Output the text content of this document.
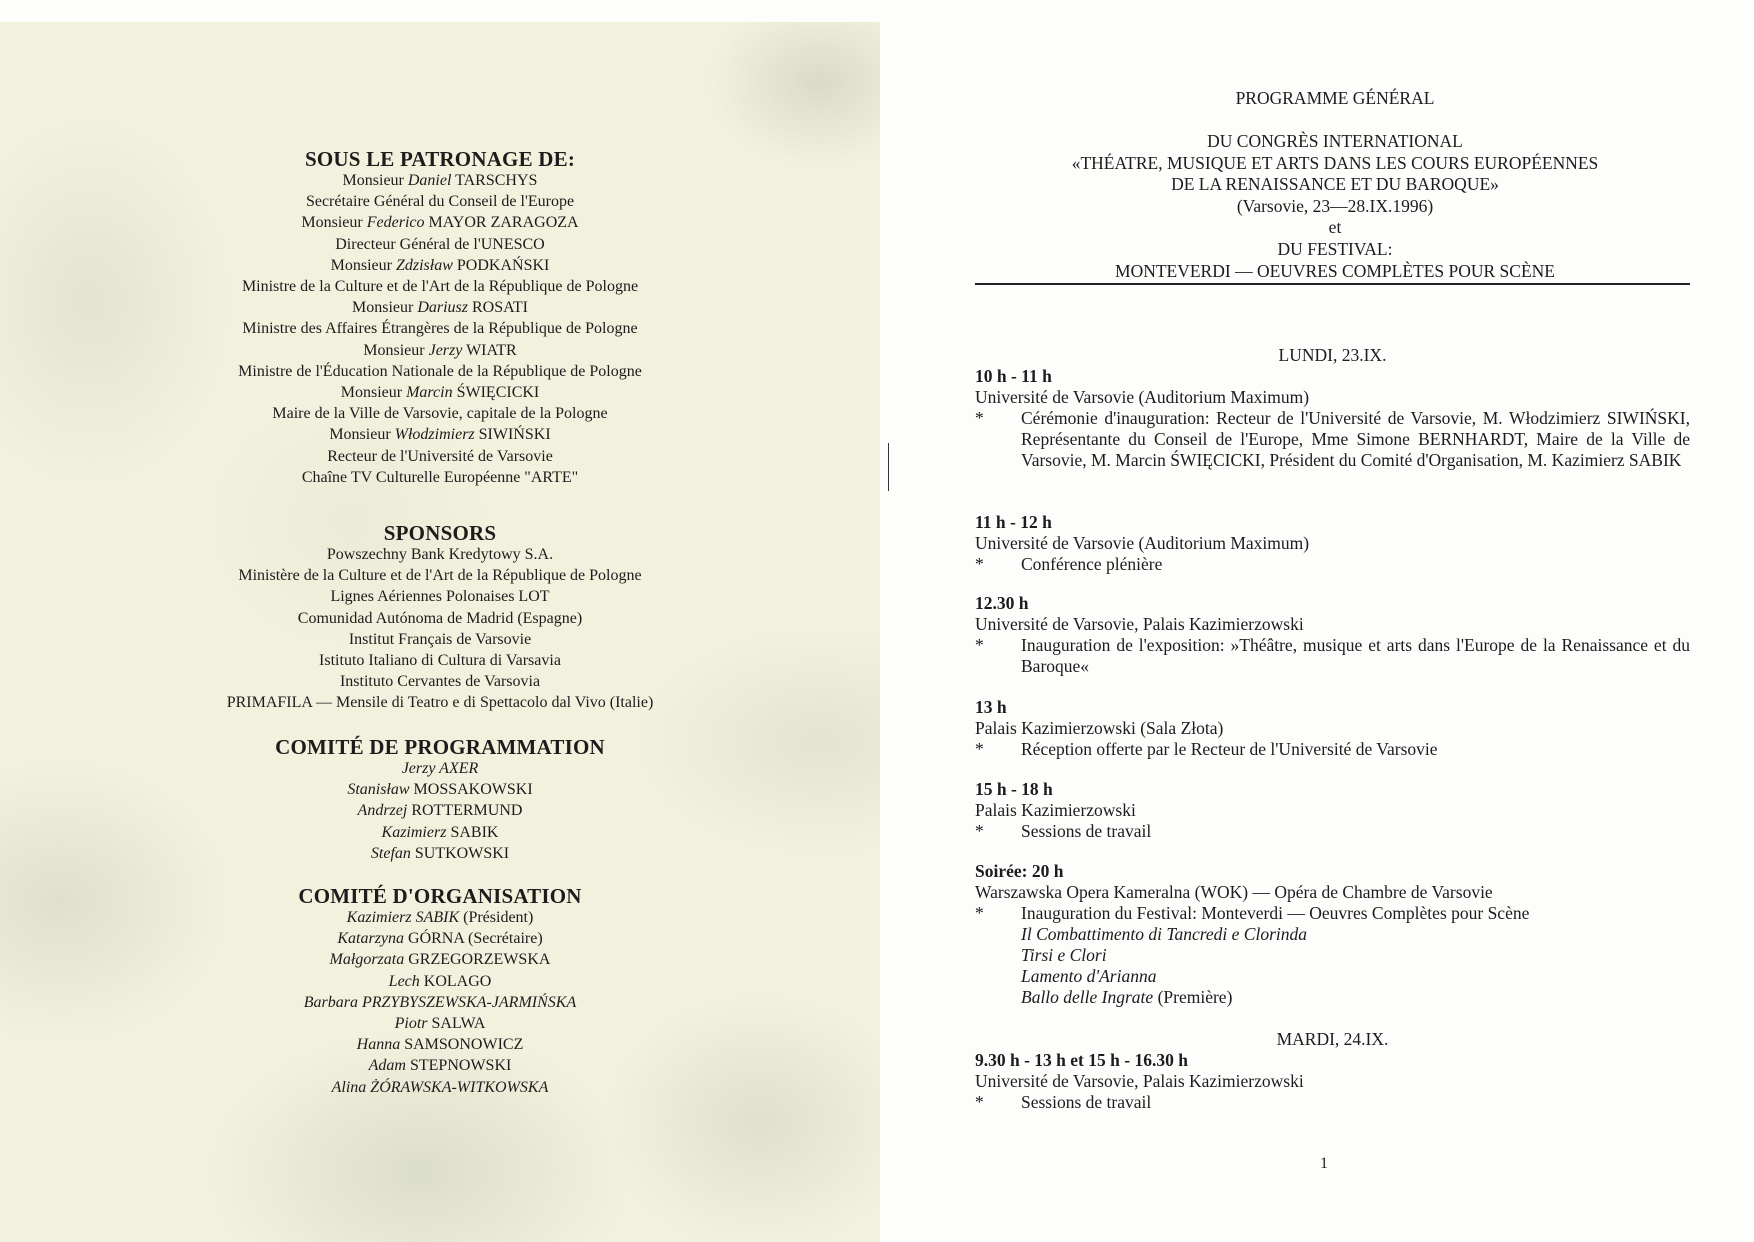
SOUS LE PATRONAGE DE:

Monsieur Daniel TARSCHYS

Secrétaire Général du Conseil de l'Europe

Monsieur Federico MAYOR ZARAGOZA

Directeur Général de l'UNESCO

Monsieur Zdzisław PODKAŃSKI

Ministre de la Culture et de l'Art de la République de Pologne

Monsieur Dariusz ROSATI

Ministre des Affaires Étrangères de la République de Pologne

Monsieur Jerzy WIATR

Ministre de l'Éducation Nationale de la République de Pologne

Monsieur Marcin ŚWIĘCICKI

Maire de la Ville de Varsovie, capitale de la Pologne

Monsieur Włodzimierz SIWIŃSKI

Recteur de l'Université de Varsovie

Chaîne TV Culturelle Européenne "ARTE"

SPONSORS

Powszechny Bank Kredytowy S.A.

Ministère de la Culture et de l'Art de la République de Pologne

Lignes Aériennes Polonaises LOT

Comunidad Autónoma de Madrid (Espagne)

Institut Français de Varsovie

Istituto Italiano di Cultura di Varsavia

Instituto Cervantes de Varsovia

PRIMAFILA — Mensile di Teatro e di Spettacolo dal Vivo (Italie)

COMITÉ DE PROGRAMMATION

Jerzy AXER

Stanisław MOSSAKOWSKI

Andrzej ROTTERMUND

Kazimierz SABIK

Stefan SUTKOWSKI

COMITÉ D'ORGANISATION

Kazimierz SABIK (Président)

Katarzyna GÓRNA (Secrétaire)

Małgorzata GRZEGORZEWSKA

Lech KOLAGO

Barbara PRZYBYSZEWSKA-JARMIŃSKA

Piotr SALWA

Hanna SAMSONOWICZ

Adam STEPNOWSKI

Alina ŻÓRAWSKA-WITKOWSKA

PROGRAMME GÉNÉRAL
DU CONGRÈS INTERNATIONAL
«THÉATRE, MUSIQUE ET ARTS DANS LES COURS EUROPÉENNES
DE LA RENAISSANCE ET DU BAROQUE»
(Varsovie, 23—28.IX.1996)
et
DU FESTIVAL:
MONTEVERDI — OEUVRES COMPLÈTES POUR SCÈNE
LUNDI, 23.IX.

10 h - 11 h

Université de Varsovie (Auditorium Maximum)

*	Cérémonie d'inauguration: Recteur de l'Université de Varsovie, M. Włodzimierz SIWIŃSKI, Représentante du Conseil de l'Europe, Mme Simone BERNHARDT, Maire de la Ville de Varsovie, M. Marcin ŚWIĘCICKI, Président du Comité d'Organisation, M. Kazimierz SABIK

11 h - 12 h

Université de Varsovie (Auditorium Maximum)

*	Conférence plénière

12.30 h

Université de Varsovie, Palais Kazimierzowski

*	Inauguration de l'exposition: »Théâtre, musique et arts dans l'Europe de la Renaissance et du Baroque«

13 h

Palais Kazimierzowski (Sala Złota)

*	Réception offerte par le Recteur de l'Université de Varsovie

15 h - 18 h

Palais Kazimierzowski

*	Sessions de travail

Soirée: 20 h

Warszawska Opera Kameralna (WOK) — Opéra de Chambre de Varsovie

*	Inauguration du Festival: Monteverdi — Oeuvres Complètes pour Scène

Il Combattimento di Tancredi e Clorinda

Tirsi e Clori

Lamento d'Arianna

Ballo delle Ingrate (Première)

MARDI, 24.IX.

9.30 h - 13 h et 15 h - 16.30 h

Université de Varsovie, Palais Kazimierzowski

*	Sessions de travail
1
